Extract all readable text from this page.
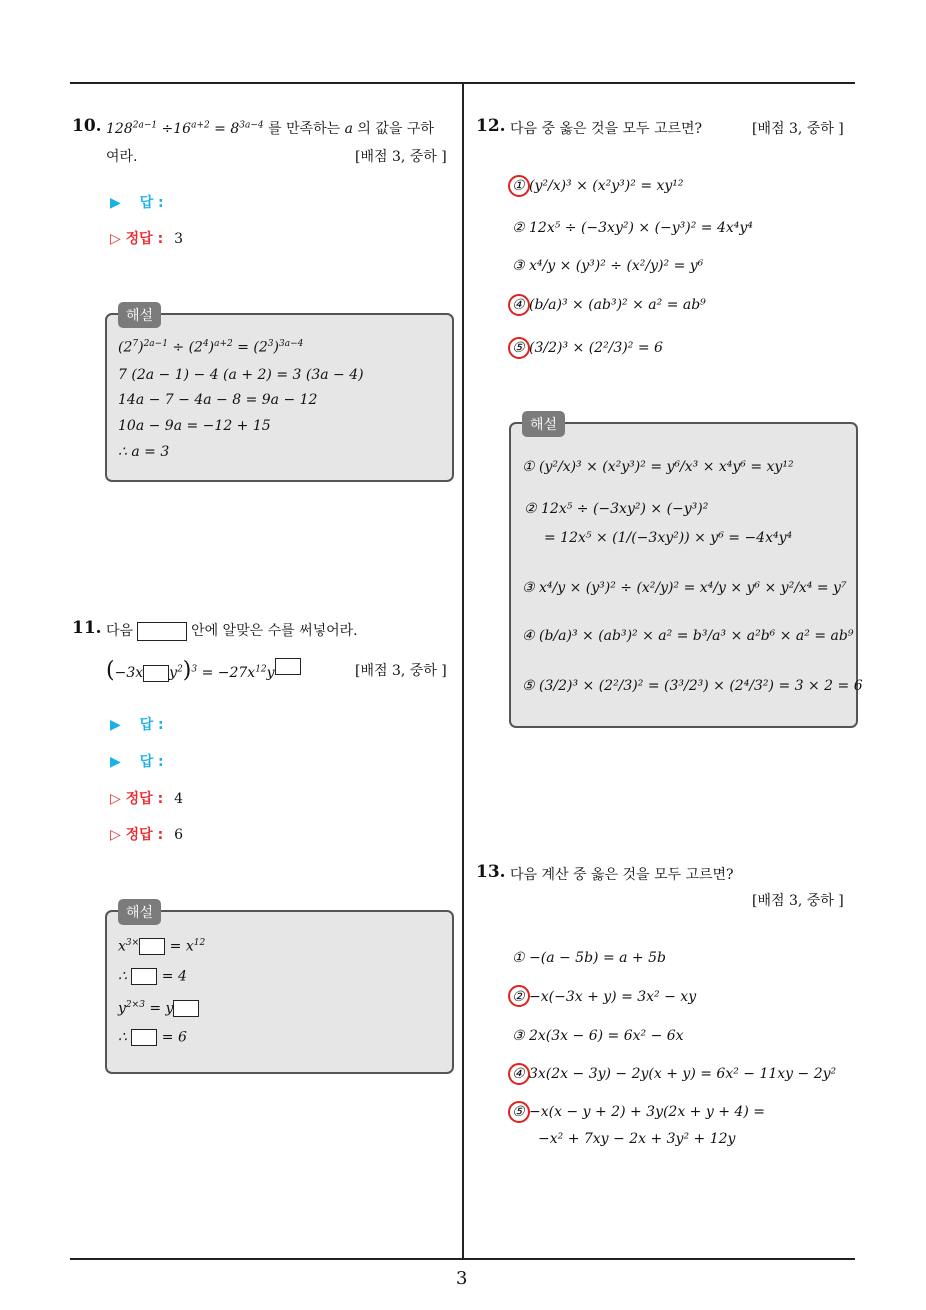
3
10. $128^{2a-1} \div 16^{a+2} = 8^{3a-4}$ 를 만족하는 a 의 값을 구하
여라.	[배점 3, 중하 ]
▶ 답 :
▷ 정답 : 3
해설
$(2^7)^{2a-1} \div (2^4)^{a+2} = (2^3)^{3a-4}$
7 (2a − 1) − 4 (a + 2) = 3 (3a − 4)
14a − 7 − 4a − 8 = 9a − 12
10a − 9a = −12 + 15
∴ a = 3
11. 다음	안에 알맞은 수를 써넣어라.
(−3x $y^2)^3 = -27x^{12}y$	[배점 3, 중하 ]
▶ 답 :
▶ 답 :
▷ 정답 : 4
▷ 정답 : 6
해설
$x^{3\times} = x^{12}$
∴  = 4
$y^{2\times 3} = y$
∴  = 6
12. 다음 중 옳은 것을 모두 고르면?	[배점 3, 중하 ]
① (y²/x)³ × (x²y³)² = xy¹²
② 12x⁵ ÷ (−3xy²) × (−y³)² = 4x⁴y⁴
③ x⁴/y × (y³)² ÷ (x²/y)² = y⁶
④ (b/a)³ × (ab³)² × a² = ab⁹
⑤ (3/2)³ × (2²/3)² = 6
해설
① (y²/x)³ × (x²y³)² = y⁶/x³ × x⁴y⁶ = xy¹²
② 12x⁵ ÷ (−3xy²) × (−y³)²
= 12x⁵ × (1/(−3xy²)) × y⁶ = −4x⁴y⁴
③ x⁴/y × (y³)² ÷ (x²/y)² = x⁴/y × y⁶ × y²/x⁴ = y⁷
④ (b/a)³ × (ab³)² × a² = b³/a³ × a²b⁶ × a² = ab⁹
⑤ (3/2)³ × (2²/3)² = (3³/2³) × (2⁴/3²) = 3 × 2 = 6
13. 다음 계산 중 옳은 것을 모두 고르면?
[배점 3, 중하 ]
① −(a − 5b) = a + 5b
② −x(−3x + y) = 3x² − xy
③ 2x(3x − 6) = 6x² − 6x
④ 3x(2x − 3y) − 2y(x + y) = 6x² − 11xy − 2y²
⑤ −x(x − y + 2) + 3y(2x + y + 4) =
−x² + 7xy − 2x + 3y² + 12y
